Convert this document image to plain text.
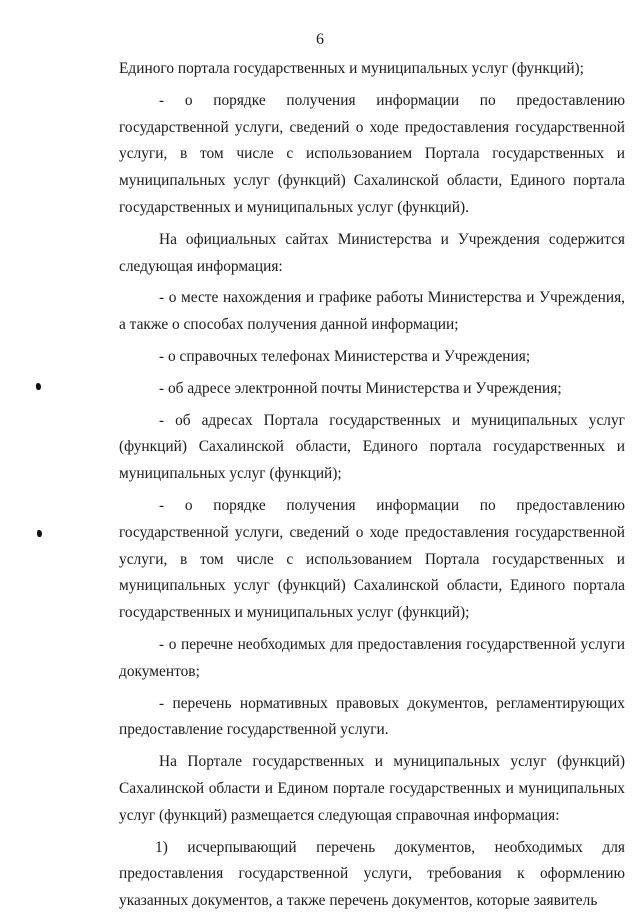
6

Единого портала государственных и муниципальных услуг (функций);

- о порядке получения информации по предоставлению государственной услуги, сведений о ходе предоставления государственной услуги, в том числе с использованием Портала государственных и муниципальных услуг (функций) Сахалинской области, Единого портала государственных и муниципальных услуг (функций).

На официальных сайтах Министерства и Учреждения содержится следующая информация:

- о месте нахождения и графике работы Министерства и Учреждения, а также о способах получения данной информации;

- о справочных телефонах Министерства и Учреждения;

- об адресе электронной почты Министерства и Учреждения;

- об адресах Портала государственных и муниципальных услуг (функций) Сахалинской области, Единого портала государственных и муниципальных услуг (функций);

- о порядке получения информации по предоставлению государственной услуги, сведений о ходе предоставления государственной услуги, в том числе с использованием Портала государственных и муниципальных услуг (функций) Сахалинской области, Единого портала государственных и муниципальных услуг (функций);

- о перечне необходимых для предоставления государственной услуги документов;

- перечень нормативных правовых документов, регламентирующих предоставление государственной услуги.

На Портале государственных и муниципальных услуг (функций) Сахалинской области и Едином портале государственных и муниципальных услуг (функций) размещается следующая справочная информация:

1) исчерпывающий перечень документов, необходимых для предоставления государственной услуги, требования к оформлению указанных документов, а также перечень документов, которые заявитель
